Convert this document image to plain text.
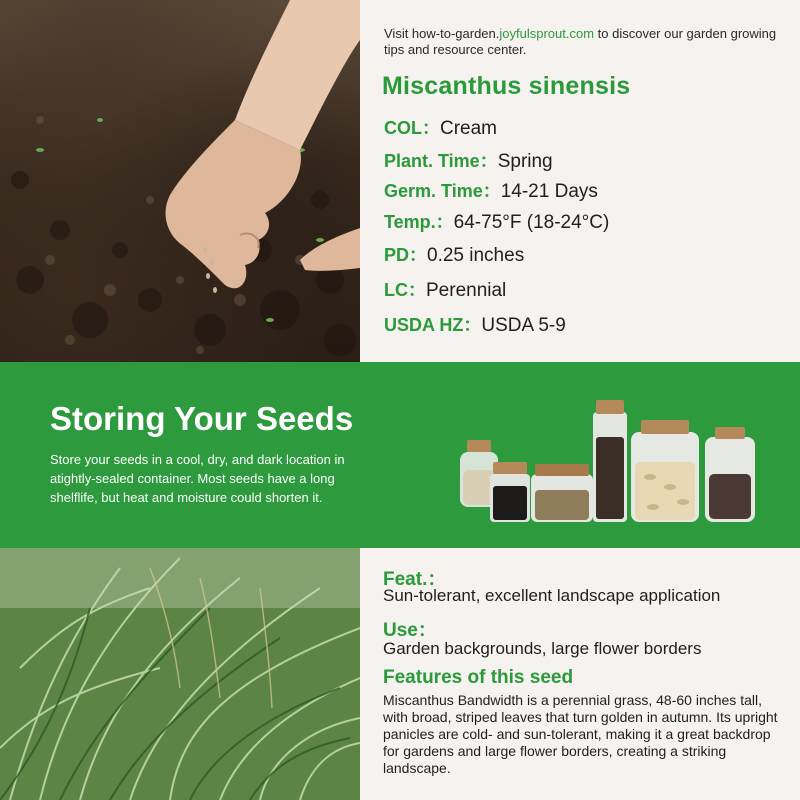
Visit how-to-garden.joyfulsprout.com to discover our garden growing tips and resource center.

Miscanthus sinensis
COL：Cream
Plant. Time：Spring
Germ. Time：14-21 Days
Temp.：64-75°F (18-24°C)
PD：0.25 inches
LC：Perennial
USDA HZ：USDA 5-9
Storing Your Seeds

Store your seeds in a cool, dry, and dark location in atightly-sealed container. Most seeds have a long shelflife, but heat and moisture could shorten it.

Feat.：
Sun-tolerant, excellent landscape application
Use：
Garden backgrounds, large flower borders
Features of this seed

Miscanthus Bandwidth is a perennial grass, 48-60 inches tall, with broad, striped leaves that turn golden in autumn. Its upright panicles are cold- and sun-tolerant, making it a great backdrop for gardens and large flower borders, creating a striking landscape.
